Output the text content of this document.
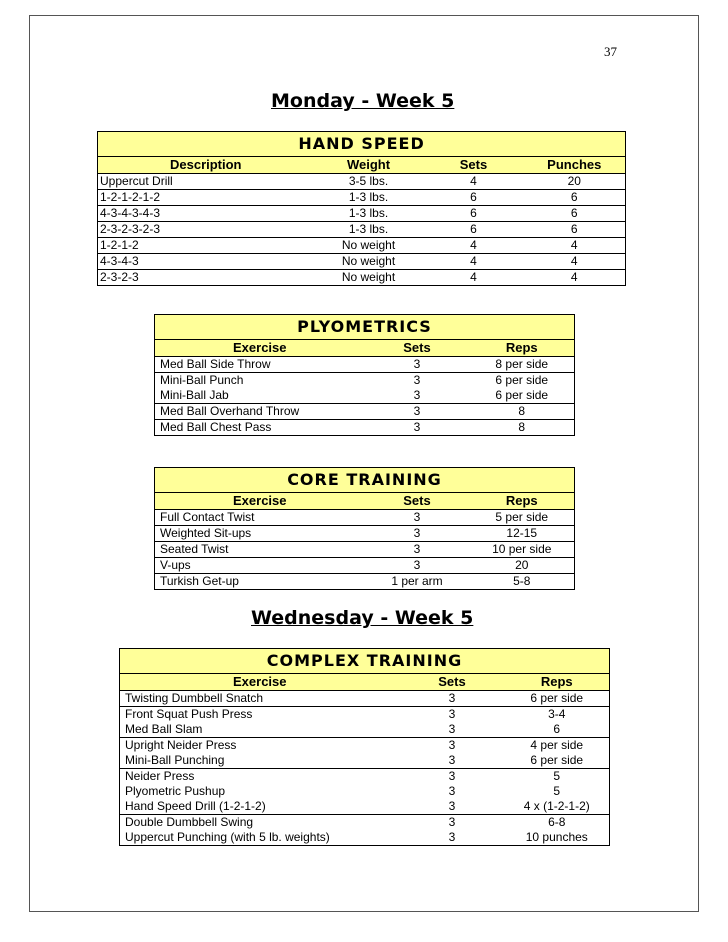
37
Monday - Week 5
HAND SPEED			
Description	Weight	Sets	Punches
Uppercut Drill	3-5 lbs.	4	20
1-2-1-2-1-2	1-3 lbs.	6	6
4-3-4-3-4-3	1-3 lbs.	6	6
2-3-2-3-2-3	1-3 lbs.	6	6
1-2-1-2	No weight	4	4
4-3-4-3	No weight	4	4
2-3-2-3	No weight	4	4
PLYOMETRICS		
Exercise	Sets	Reps
Med Ball Side Throw	3	8 per side
Mini-Ball Punch	3	6 per side
Mini-Ball Jab	3	6 per side
Med Ball Overhand Throw	3	8
Med Ball Chest Pass	3	8
CORE TRAINING		
Exercise	Sets	Reps
Full Contact Twist	3	5 per side
Weighted Sit-ups	3	12-15
Seated Twist	3	10 per side
V-ups	3	20
Turkish Get-up	1 per arm	5-8
Wednesday - Week 5
COMPLEX TRAINING		
Exercise	Sets	Reps
Twisting Dumbbell Snatch	3	6 per side
Front Squat Push Press	3	3-4
Med Ball Slam	3	6
Upright Neider Press	3	4 per side
Mini-Ball Punching	3	6 per side
Neider Press	3	5
Plyometric Pushup	3	5
Hand Speed Drill (1-2-1-2)	3	4 x (1-2-1-2)
Double Dumbbell Swing	3	6-8
Uppercut Punching (with 5 lb. weights)	3	10 punches
